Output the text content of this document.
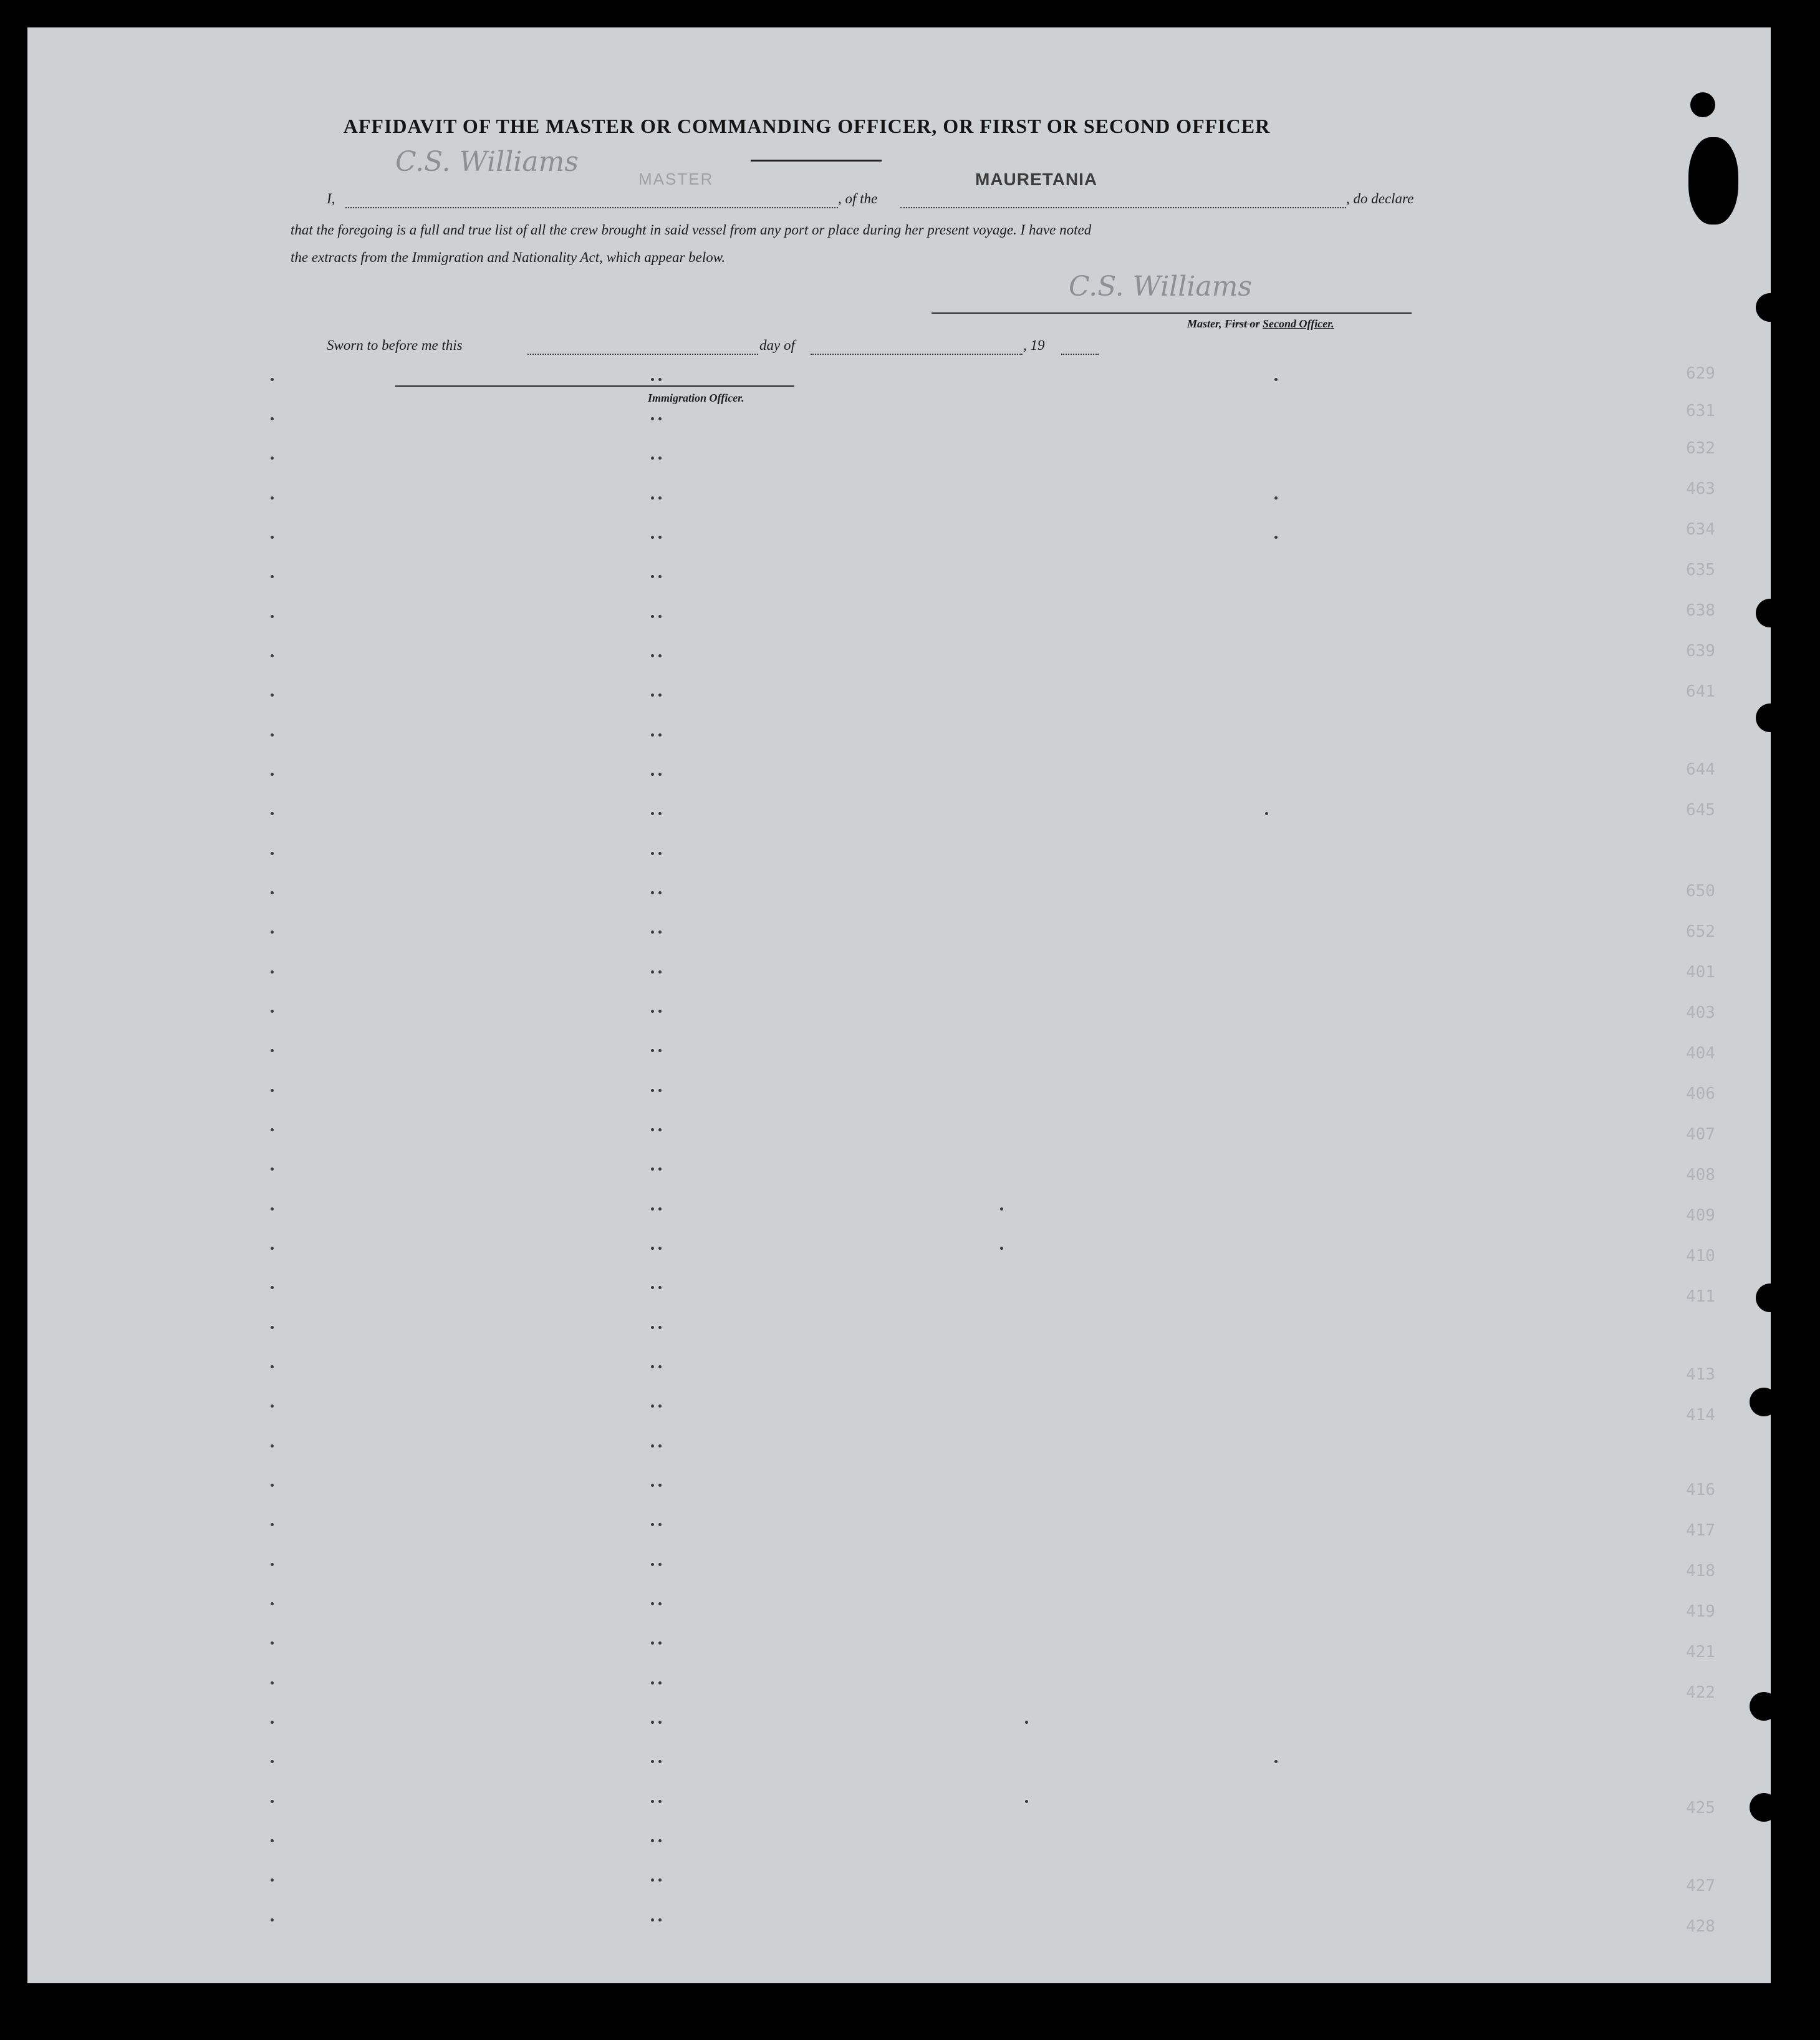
629
631
632
463
634
635
638
639
641
644
645
650
652
401
403
404
406
407
408
409
410
411
413
414
416
417
418
419
421
422
425
427
428
AFFIDAVIT OF THE MASTER OR COMMANDING OFFICER, OR FIRST OR SECOND OFFICER
C.S. Williams
MASTER	MAURETANIA
I,	, of the	, do declare
that the foregoing is a full and true list of all the crew brought in said vessel from any port or place during her present voyage. I have noted
the extracts from the Immigration and Nationality Act, which appear below.
C.S. Williams
Master, First or Second Officer.
Sworn to before me this	day of	, 19
Immigration Officer.
